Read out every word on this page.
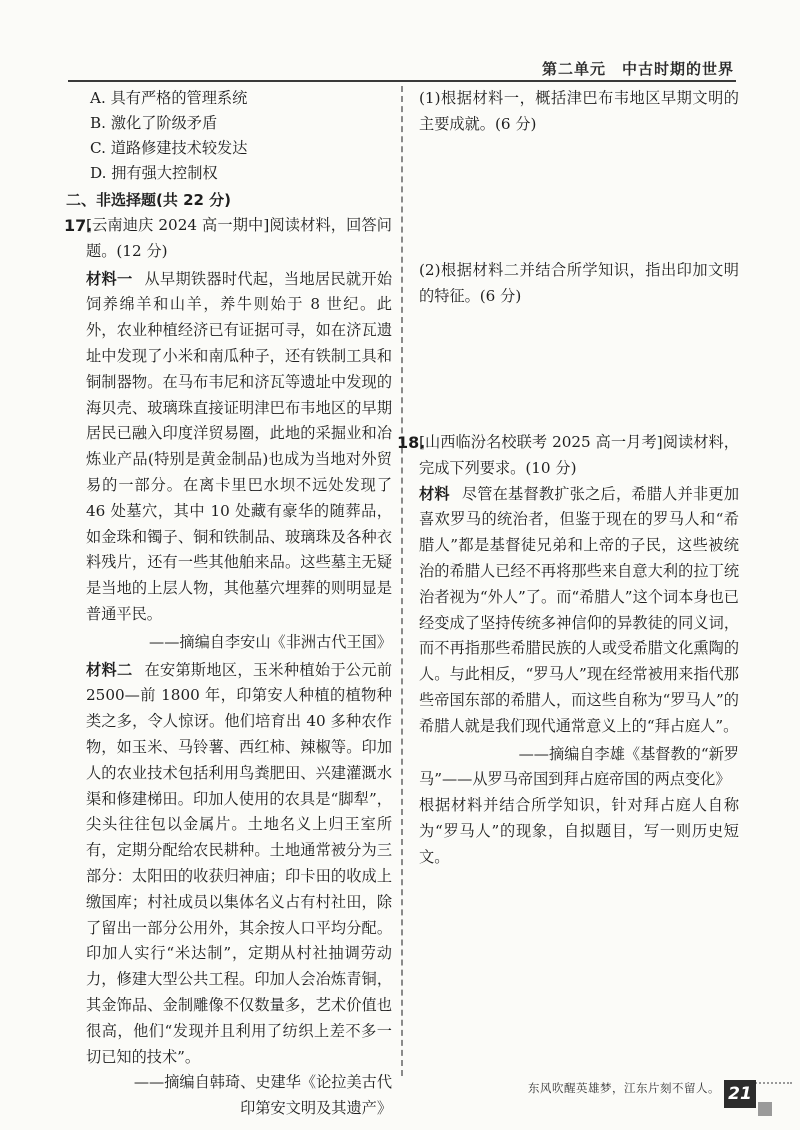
第二单元　中古时期的世界

A. 具有严格的管理系统

B. 激化了阶级矛盾

C. 道路修建技术较发达

D. 拥有强大控制权

二、非选择题(共 22 分)
17.
[云南迪庆 2024 高一期中]阅读材料，回答问题。(12 分)

材料一 从早期铁器时代起，当地居民就开始饲养绵羊和山羊，养牛则始于 8 世纪。此外，农业种植经济已有证据可寻，如在济瓦遗址中发现了小米和南瓜种子，还有铁制工具和铜制器物。在马布韦尼和济瓦等遗址中发现的海贝壳、玻璃珠直接证明津巴布韦地区的早期居民已融入印度洋贸易圈，此地的采掘业和冶炼业产品(特别是黄金制品)也成为当地对外贸易的一部分。在离卡里巴水坝不远处发现了 46 处墓穴，其中 10 处藏有豪华的随葬品，如金珠和镯子、铜和铁制品、玻璃珠及各种衣料残片，还有一些其他舶来品。这些墓主无疑是当地的上层人物，其他墓穴埋葬的则明显是普通平民。

——摘编自李安山《非洲古代王国》

材料二 在安第斯地区，玉米种植始于公元前 2500—前 1800 年，印第安人种植的植物种类之多，令人惊讶。他们培育出 40 多种农作物，如玉米、马铃薯、西红柿、辣椒等。印加人的农业技术包括利用鸟粪肥田、兴建灌溉水渠和修建梯田。印加人使用的农具是“脚犁”，尖头往往包以金属片。土地名义上归王室所有，定期分配给农民耕种。土地通常被分为三部分：太阳田的收获归神庙；印卡田的收成上缴国库；村社成员以集体名义占有村社田，除了留出一部分公用外，其余按人口平均分配。印加人实行“米达制”，定期从村社抽调劳动力，修建大型公共工程。印加人会冶炼青铜，其金饰品、金制雕像不仅数量多，艺术价值也很高，他们“发现并且利用了纺织上差不多一切已知的技术”。

——摘编自韩琦、史建华《论拉美古代

印第安文明及其遗产》

(1)根据材料一，概括津巴布韦地区早期文明的主要成就。(6 分)

(2)根据材料二并结合所学知识，指出印加文明的特征。(6 分)

18.
[山西临汾名校联考 2025 高一月考]阅读材料，完成下列要求。(10 分)

材料 尽管在基督教扩张之后，希腊人并非更加喜欢罗马的统治者，但鉴于现在的罗马人和“希腊人”都是基督徒兄弟和上帝的子民，这些被统治的希腊人已经不再将那些来自意大利的拉丁统治者视为“外人”了。而“希腊人”这个词本身也已经变成了坚持传统多神信仰的异教徒的同义词，而不再指那些希腊民族的人或受希腊文化熏陶的人。与此相反，“罗马人”现在经常被用来指代那些帝国东部的希腊人，而这些自称为“罗马人”的希腊人就是我们现代通常意义上的“拜占庭人”。

——摘编自李雄《基督教的“新罗

马”——从罗马帝国到拜占庭帝国的两点变化》

根据材料并结合所学知识，针对拜占庭人自称为“罗马人”的现象，自拟题目，写一则历史短文。

东风吹醒英雄梦，江东片刻不留人。 21
